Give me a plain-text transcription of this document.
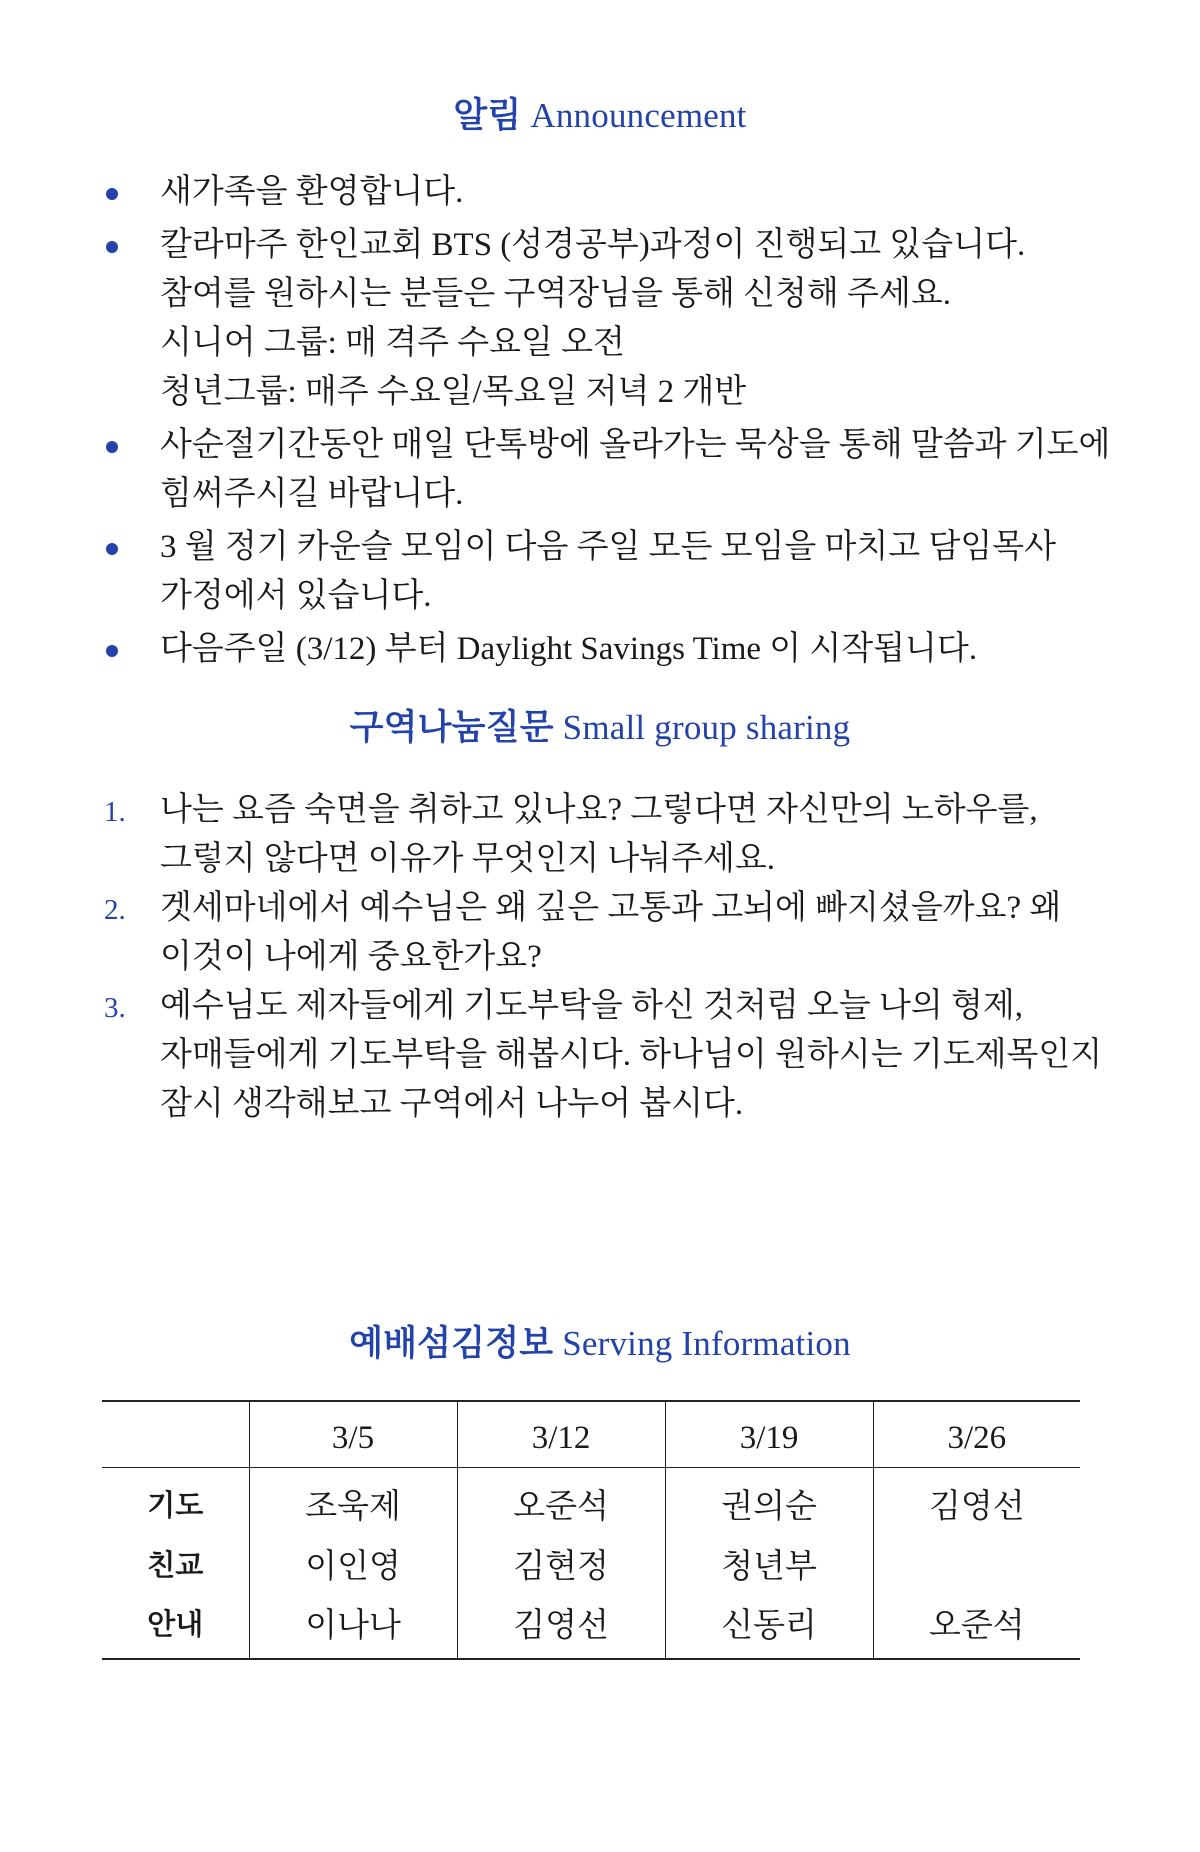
알림 Announcement
새가족을 환영합니다.
칼라마주 한인교회 BTS (성경공부)과정이 진행되고 있습니다.
참여를 원하시는 분들은 구역장님을 통해 신청해 주세요.
시니어 그룹: 매 격주 수요일 오전
청년그룹: 매주 수요일/목요일 저녁 2 개반
사순절기간동안 매일 단톡방에 올라가는 묵상을 통해 말씀과 기도에
힘써주시길 바랍니다.
3 월 정기 카운슬 모임이 다음 주일 모든 모임을 마치고 담임목사
가정에서 있습니다.
다음주일 (3/12) 부터 Daylight Savings Time 이 시작됩니다.
구역나눔질문 Small group sharing
1. 나는 요즘 숙면을 취하고 있나요? 그렇다면 자신만의 노하우를,
그렇지 않다면 이유가 무엇인지 나눠주세요.
2. 겟세마네에서 예수님은 왜 깊은 고통과 고뇌에 빠지셨을까요? 왜
이것이 나에게 중요한가요?
3. 예수님도 제자들에게 기도부탁을 하신 것처럼 오늘 나의 형제,
자매들에게 기도부탁을 해봅시다. 하나님이 원하시는 기도제목인지
잠시 생각해보고 구역에서 나누어 봅시다.
예배섬김정보 Serving Information
	3/5	3/12	3/19	3/26
기도	조욱제	오준석	권의순	김영선
친교	이인영	김현정	청년부	
안내	이나나	김영선	신동리	오준석
